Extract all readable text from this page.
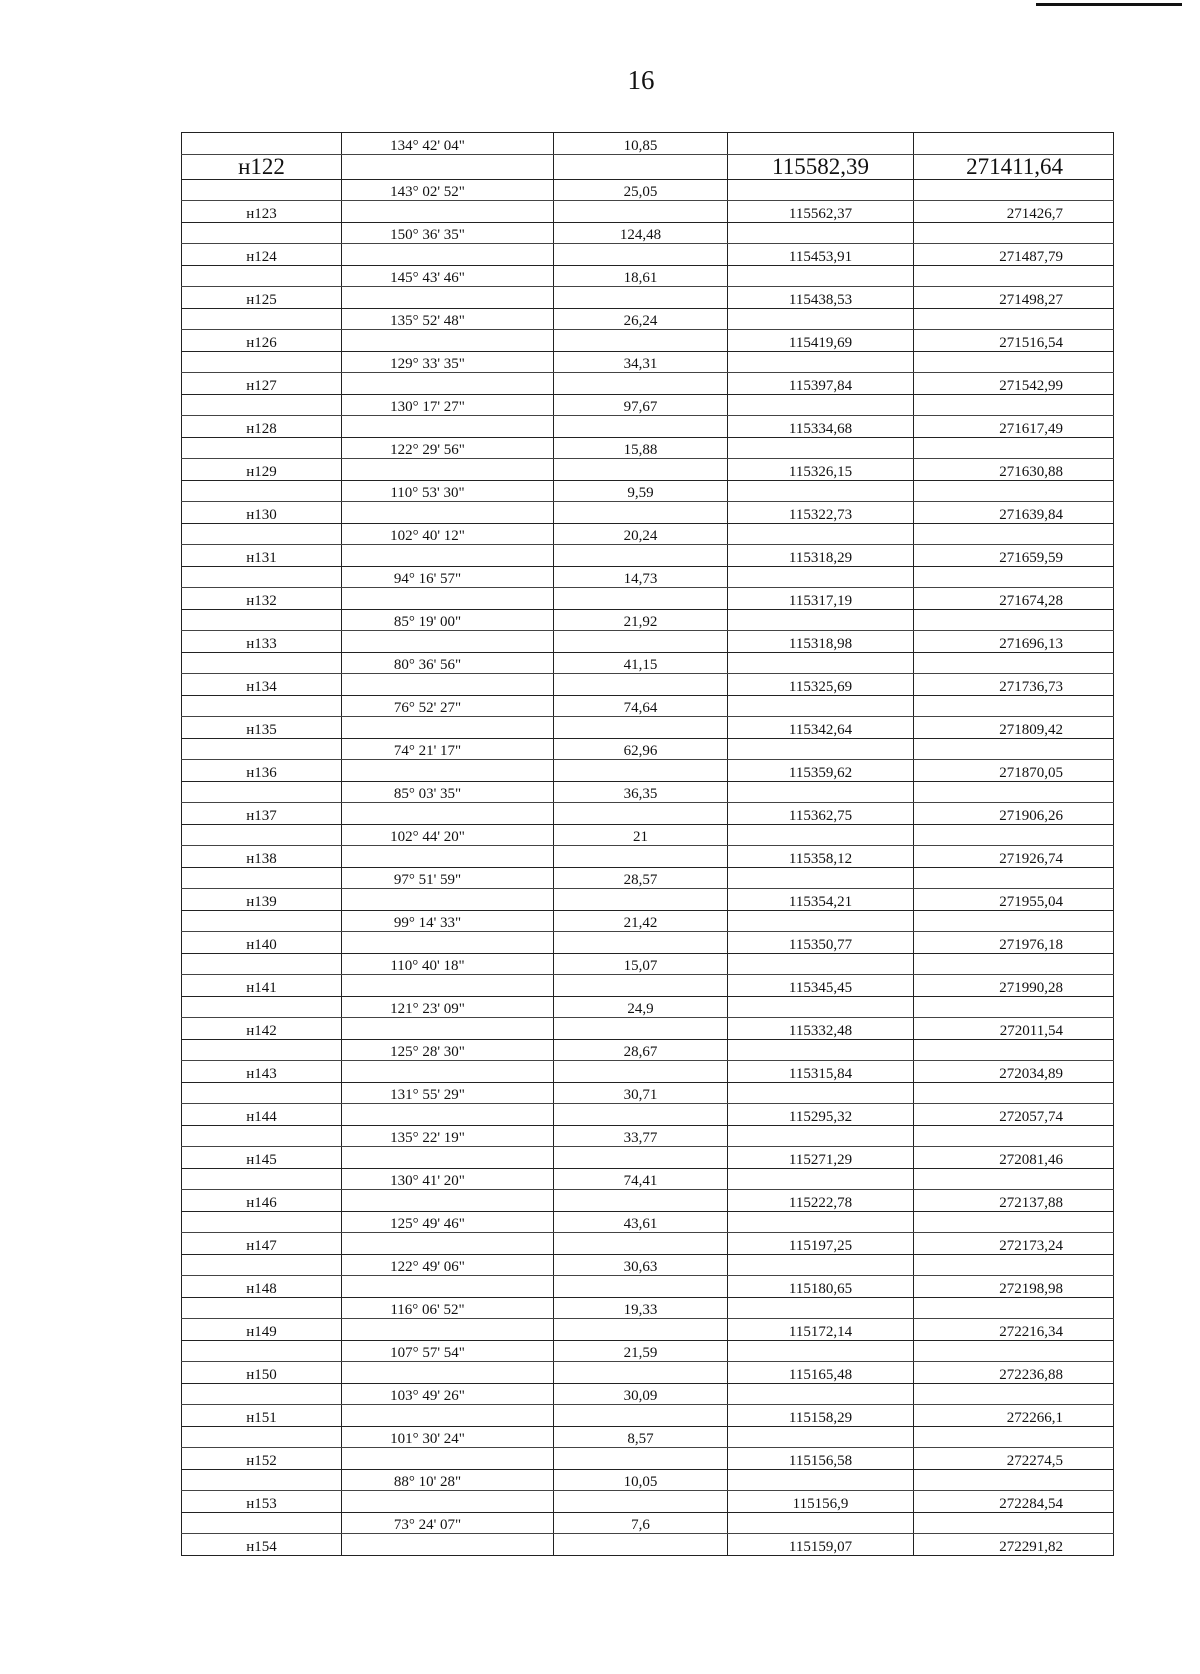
16
	134° 42' 04"	10,85		
н122			115582,39	271411,64
	143° 02' 52"	25,05		
н123			115562,37	271426,7
	150° 36' 35"	124,48		
н124			115453,91	271487,79
	145° 43' 46"	18,61		
н125			115438,53	271498,27
	135° 52' 48"	26,24		
н126			115419,69	271516,54
	129° 33' 35"	34,31		
н127			115397,84	271542,99
	130° 17' 27"	97,67		
н128			115334,68	271617,49
	122° 29' 56"	15,88		
н129			115326,15	271630,88
	110° 53' 30"	9,59		
н130			115322,73	271639,84
	102° 40' 12"	20,24		
н131			115318,29	271659,59
	94° 16' 57"	14,73		
н132			115317,19	271674,28
	85° 19' 00"	21,92		
н133			115318,98	271696,13
	80° 36' 56"	41,15		
н134			115325,69	271736,73
	76° 52' 27"	74,64		
н135			115342,64	271809,42
	74° 21' 17"	62,96		
н136			115359,62	271870,05
	85° 03' 35"	36,35		
н137			115362,75	271906,26
	102° 44' 20"	21		
н138			115358,12	271926,74
	97° 51' 59"	28,57		
н139			115354,21	271955,04
	99° 14' 33"	21,42		
н140			115350,77	271976,18
	110° 40' 18"	15,07		
н141			115345,45	271990,28
	121° 23' 09"	24,9		
н142			115332,48	272011,54
	125° 28' 30"	28,67		
н143			115315,84	272034,89
	131° 55' 29"	30,71		
н144			115295,32	272057,74
	135° 22' 19"	33,77		
н145			115271,29	272081,46
	130° 41' 20"	74,41		
н146			115222,78	272137,88
	125° 49' 46"	43,61		
н147			115197,25	272173,24
	122° 49' 06"	30,63		
н148			115180,65	272198,98
	116° 06' 52"	19,33		
н149			115172,14	272216,34
	107° 57' 54"	21,59		
н150			115165,48	272236,88
	103° 49' 26"	30,09		
н151			115158,29	272266,1
	101° 30' 24"	8,57		
н152			115156,58	272274,5
	88° 10' 28"	10,05		
н153			115156,9	272284,54
	73° 24' 07"	7,6		
н154			115159,07	272291,82
